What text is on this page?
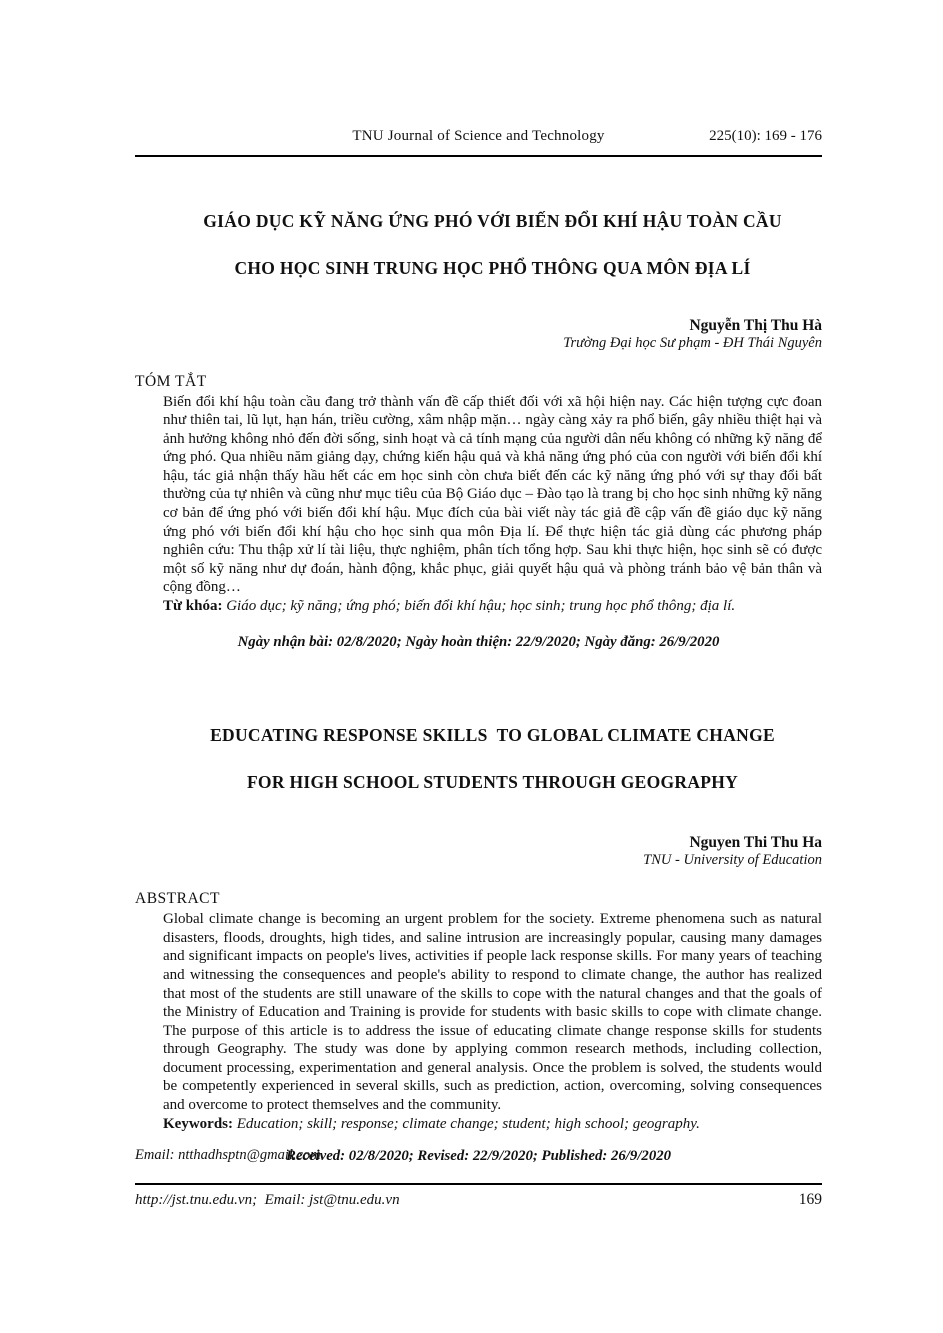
TNU Journal of Science and Technology	225(10): 169 - 176

GIÁO DỤC KỸ NĂNG ỨNG PHÓ VỚI BIẾN ĐỔI KHÍ HẬU TOÀN CẦU

CHO HỌC SINH TRUNG HỌC PHỔ THÔNG QUA MÔN ĐỊA LÍ

Nguyễn Thị Thu Hà
Trường Đại học Sư phạm - ĐH Thái Nguyên
TÓM TẮT
Biến đổi khí hậu toàn cầu đang trở thành vấn đề cấp thiết đối với xã hội hiện nay. Các hiện tượng cực đoan như thiên tai, lũ lụt, hạn hán, triều cường, xâm nhập mặn… ngày càng xảy ra phổ biến, gây nhiều thiệt hại và ảnh hưởng không nhỏ đến đời sống, sinh hoạt và cả tính mạng của người dân nếu không có những kỹ năng để ứng phó. Qua nhiều năm giảng dạy, chứng kiến hậu quả và khả năng ứng phó của con người với biến đổi khí hậu, tác giả nhận thấy hầu hết các em học sinh còn chưa biết đến các kỹ năng ứng phó với sự thay đổi bất thường của tự nhiên và cũng như mục tiêu của Bộ Giáo dục – Đào tạo là trang bị cho học sinh những kỹ năng cơ bản để ứng phó với biến đổi khí hậu. Mục đích của bài viết này tác giả đề cập vấn đề giáo dục kỹ năng ứng phó với biến đổi khí hậu cho học sinh qua môn Địa lí. Để thực hiện tác giả dùng các phương pháp nghiên cứu: Thu thập xử lí tài liệu, thực nghiệm, phân tích tổng hợp. Sau khi thực hiện, học sinh sẽ có được một số kỹ năng như dự đoán, hành động, khắc phục, giải quyết hậu quả và phòng tránh bảo vệ bản thân và cộng đồng…
Từ khóa: Giáo dục; kỹ năng; ứng phó; biến đổi khí hậu; học sinh; trung học phổ thông; địa lí.
Ngày nhận bài: 02/8/2020; Ngày hoàn thiện: 22/9/2020; Ngày đăng: 26/9/2020

EDUCATING RESPONSE SKILLS  TO GLOBAL CLIMATE CHANGE

FOR HIGH SCHOOL STUDENTS THROUGH GEOGRAPHY

Nguyen Thi Thu Ha
TNU - University of Education
ABSTRACT
Global climate change is becoming an urgent problem for the society. Extreme phenomena such as natural disasters, floods, droughts, high tides, and saline intrusion are increasingly popular, causing many damages and significant impacts on people's lives, activities if people lack response skills. For many years of teaching and witnessing the consequences and people's ability to respond to climate change, the author has realized that most of the students are still unaware of the skills to cope with the natural changes and that the goals of the Ministry of Education and Training is provide for students with basic skills to cope with climate change. The purpose of this article is to address the issue of educating climate change response skills for students through Geography. The study was done by applying common research methods, including collection, document processing, experimentation and general analysis. Once the problem is solved, the students would be competently experienced in several skills, such as prediction, action, overcoming, solving consequences and overcome to protect themselves and the community.
Keywords: Education; skill; response; climate change; student; high school; geography.
Received: 02/8/2020; Revised: 22/9/2020; Published: 26/9/2020
Email: ntthadhsptn@gmail.com
http://jst.tnu.edu.vn;  Email: jst@tnu.edu.vn	169
